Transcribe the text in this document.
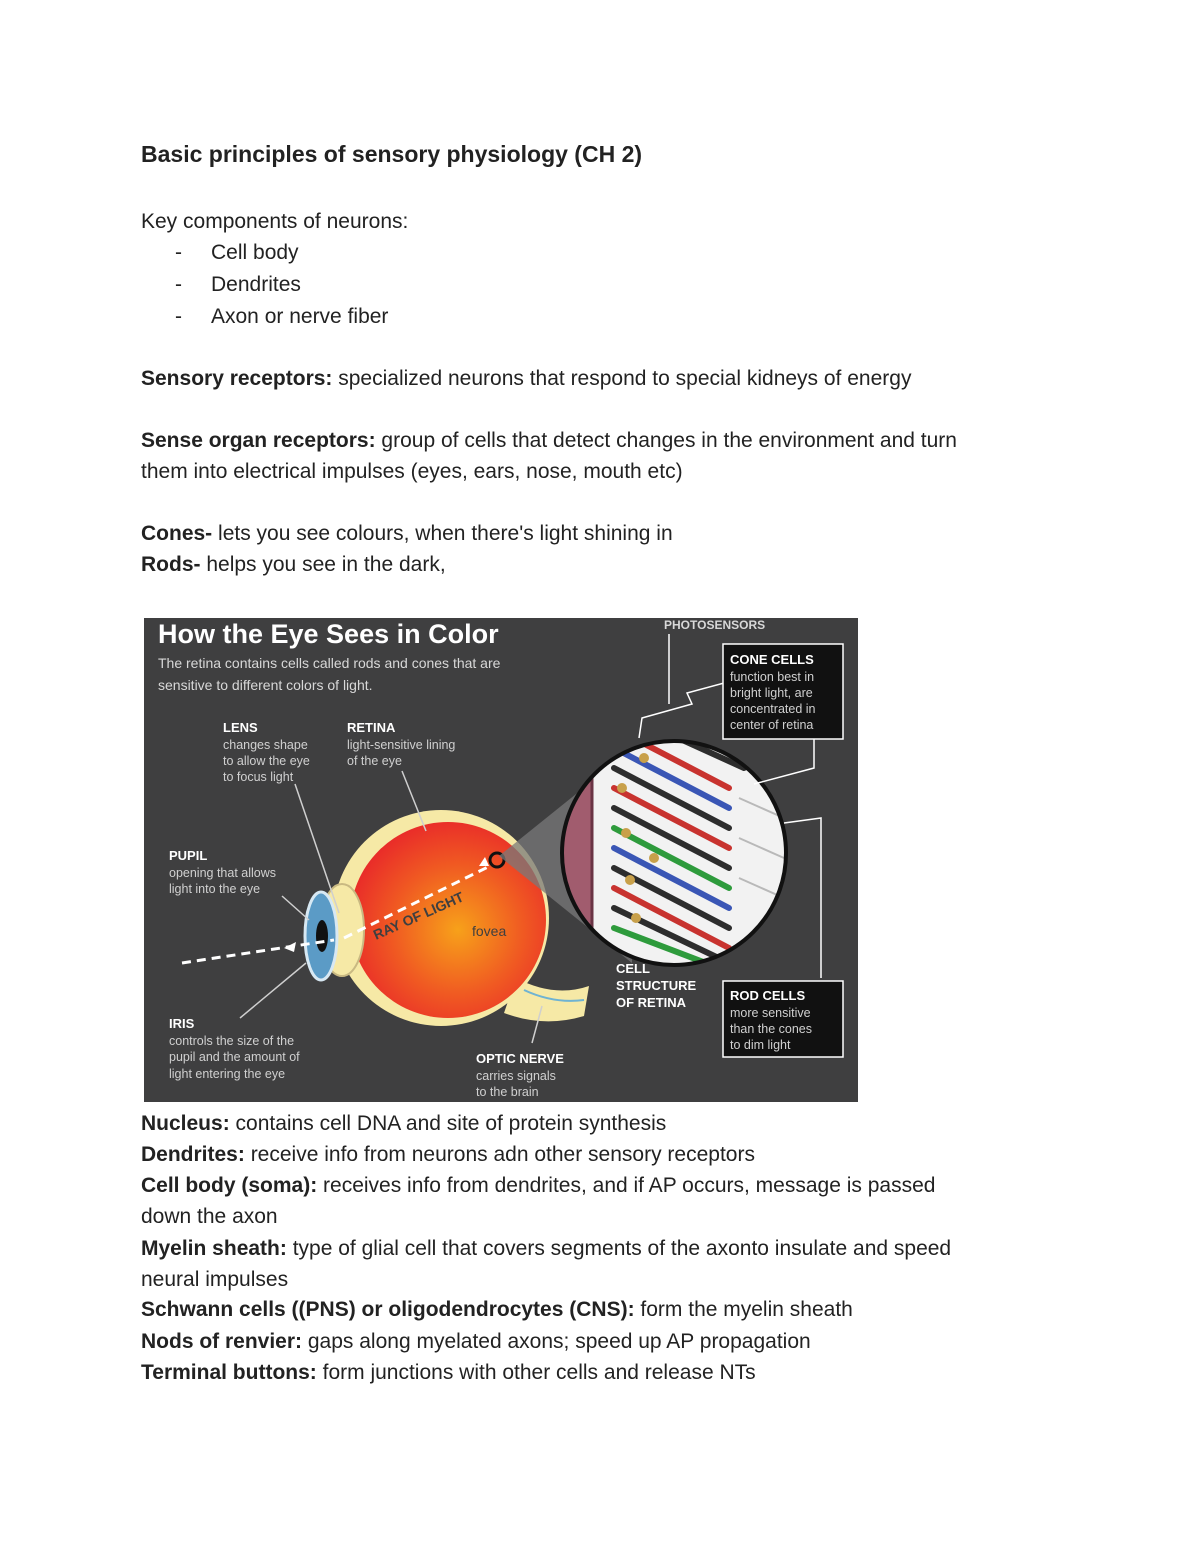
Basic principles of sensory physiology (CH 2)

Key components of neurons:

- Cell body
- Dendrites
- Axon or nerve fiber

Sensory receptors: specialized neurons that respond to special kidneys of energy

Sense organ receptors: group of cells that detect changes in the environment and turn

them into electrical impulses (eyes, ears, nose, mouth etc)

Cones- lets you see colours, when there's light shining in

Rods- helps you see in the dark,

Nucleus: contains cell DNA and site of protein synthesis

Dendrites: receive info from neurons adn other sensory receptors

Cell body (soma): receives info from dendrites, and if AP occurs, message is passed

down the axon

Myelin sheath: type of glial cell that covers segments of the axonto insulate and speed

neural impulses

Schwann cells ((PNS) or oligodendrocytes (CNS): form the myelin sheath

Nods of renvier: gaps along myelated axons; speed up AP propagation

Terminal buttons: form junctions with other cells and release NTs

How the Eye Sees in Color
The retina contains cells called rods and cones that are
sensitive to different colors of light.
PHOTOSENSORS
LENS
changes shape
to allow the eye
to focus light
RETINA
light-sensitive lining
of the eye
PUPIL
opening that allows
light into the eye
IRIS
controls the size of the
pupil and the amount of
light entering the eye
OPTIC NERVE
carries signals
to the brain
CELL
STRUCTURE
OF RETINA
RAY OF LIGHT fovea
CONE CELLS
function best in
bright light, are
concentrated in
center of retina
ROD CELLS
more sensitive
than the cones
to dim light
